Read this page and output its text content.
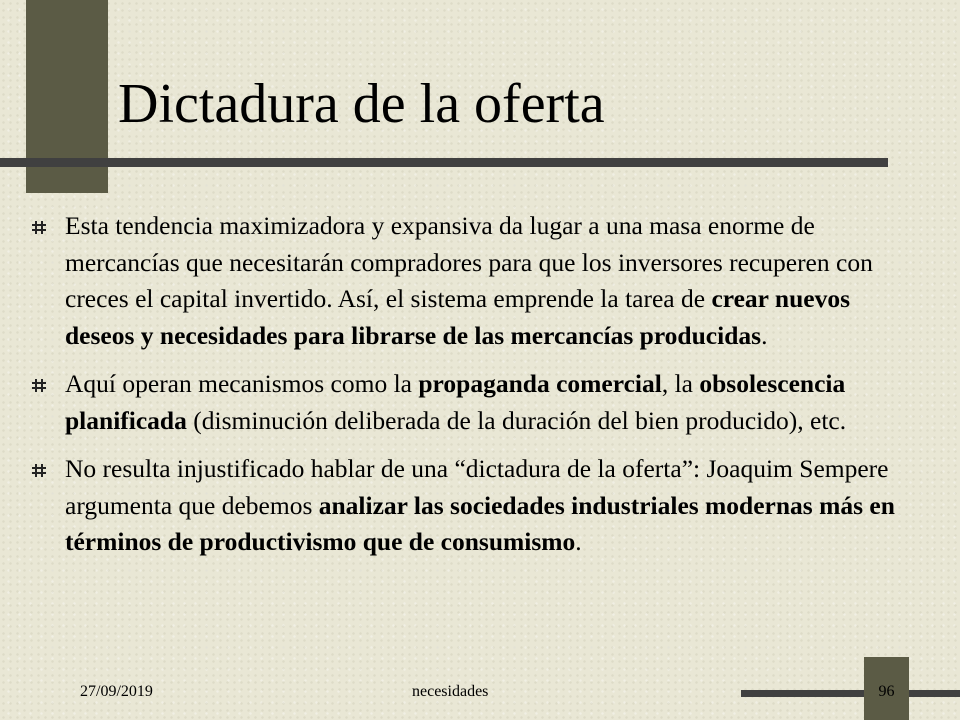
Dictadura de la oferta
Esta tendencia maximizadora y expansiva da lugar a una masa enorme de mercancías que necesitarán compradores para que los inversores recuperen con creces el capital invertido. Así, el sistema emprende la tarea de crear nuevos deseos y necesidades para librarse de las mercancías producidas.
Aquí operan mecanismos como la propaganda comercial, la obsolescencia planificada (disminución deliberada de la duración del bien producido), etc.
No resulta injustificado hablar de una “dictadura de la oferta”: Joaquim Sempere argumenta que debemos analizar las sociedades industriales modernas más en términos de productivismo que de consumismo.
27/09/2019	necesidades	96
